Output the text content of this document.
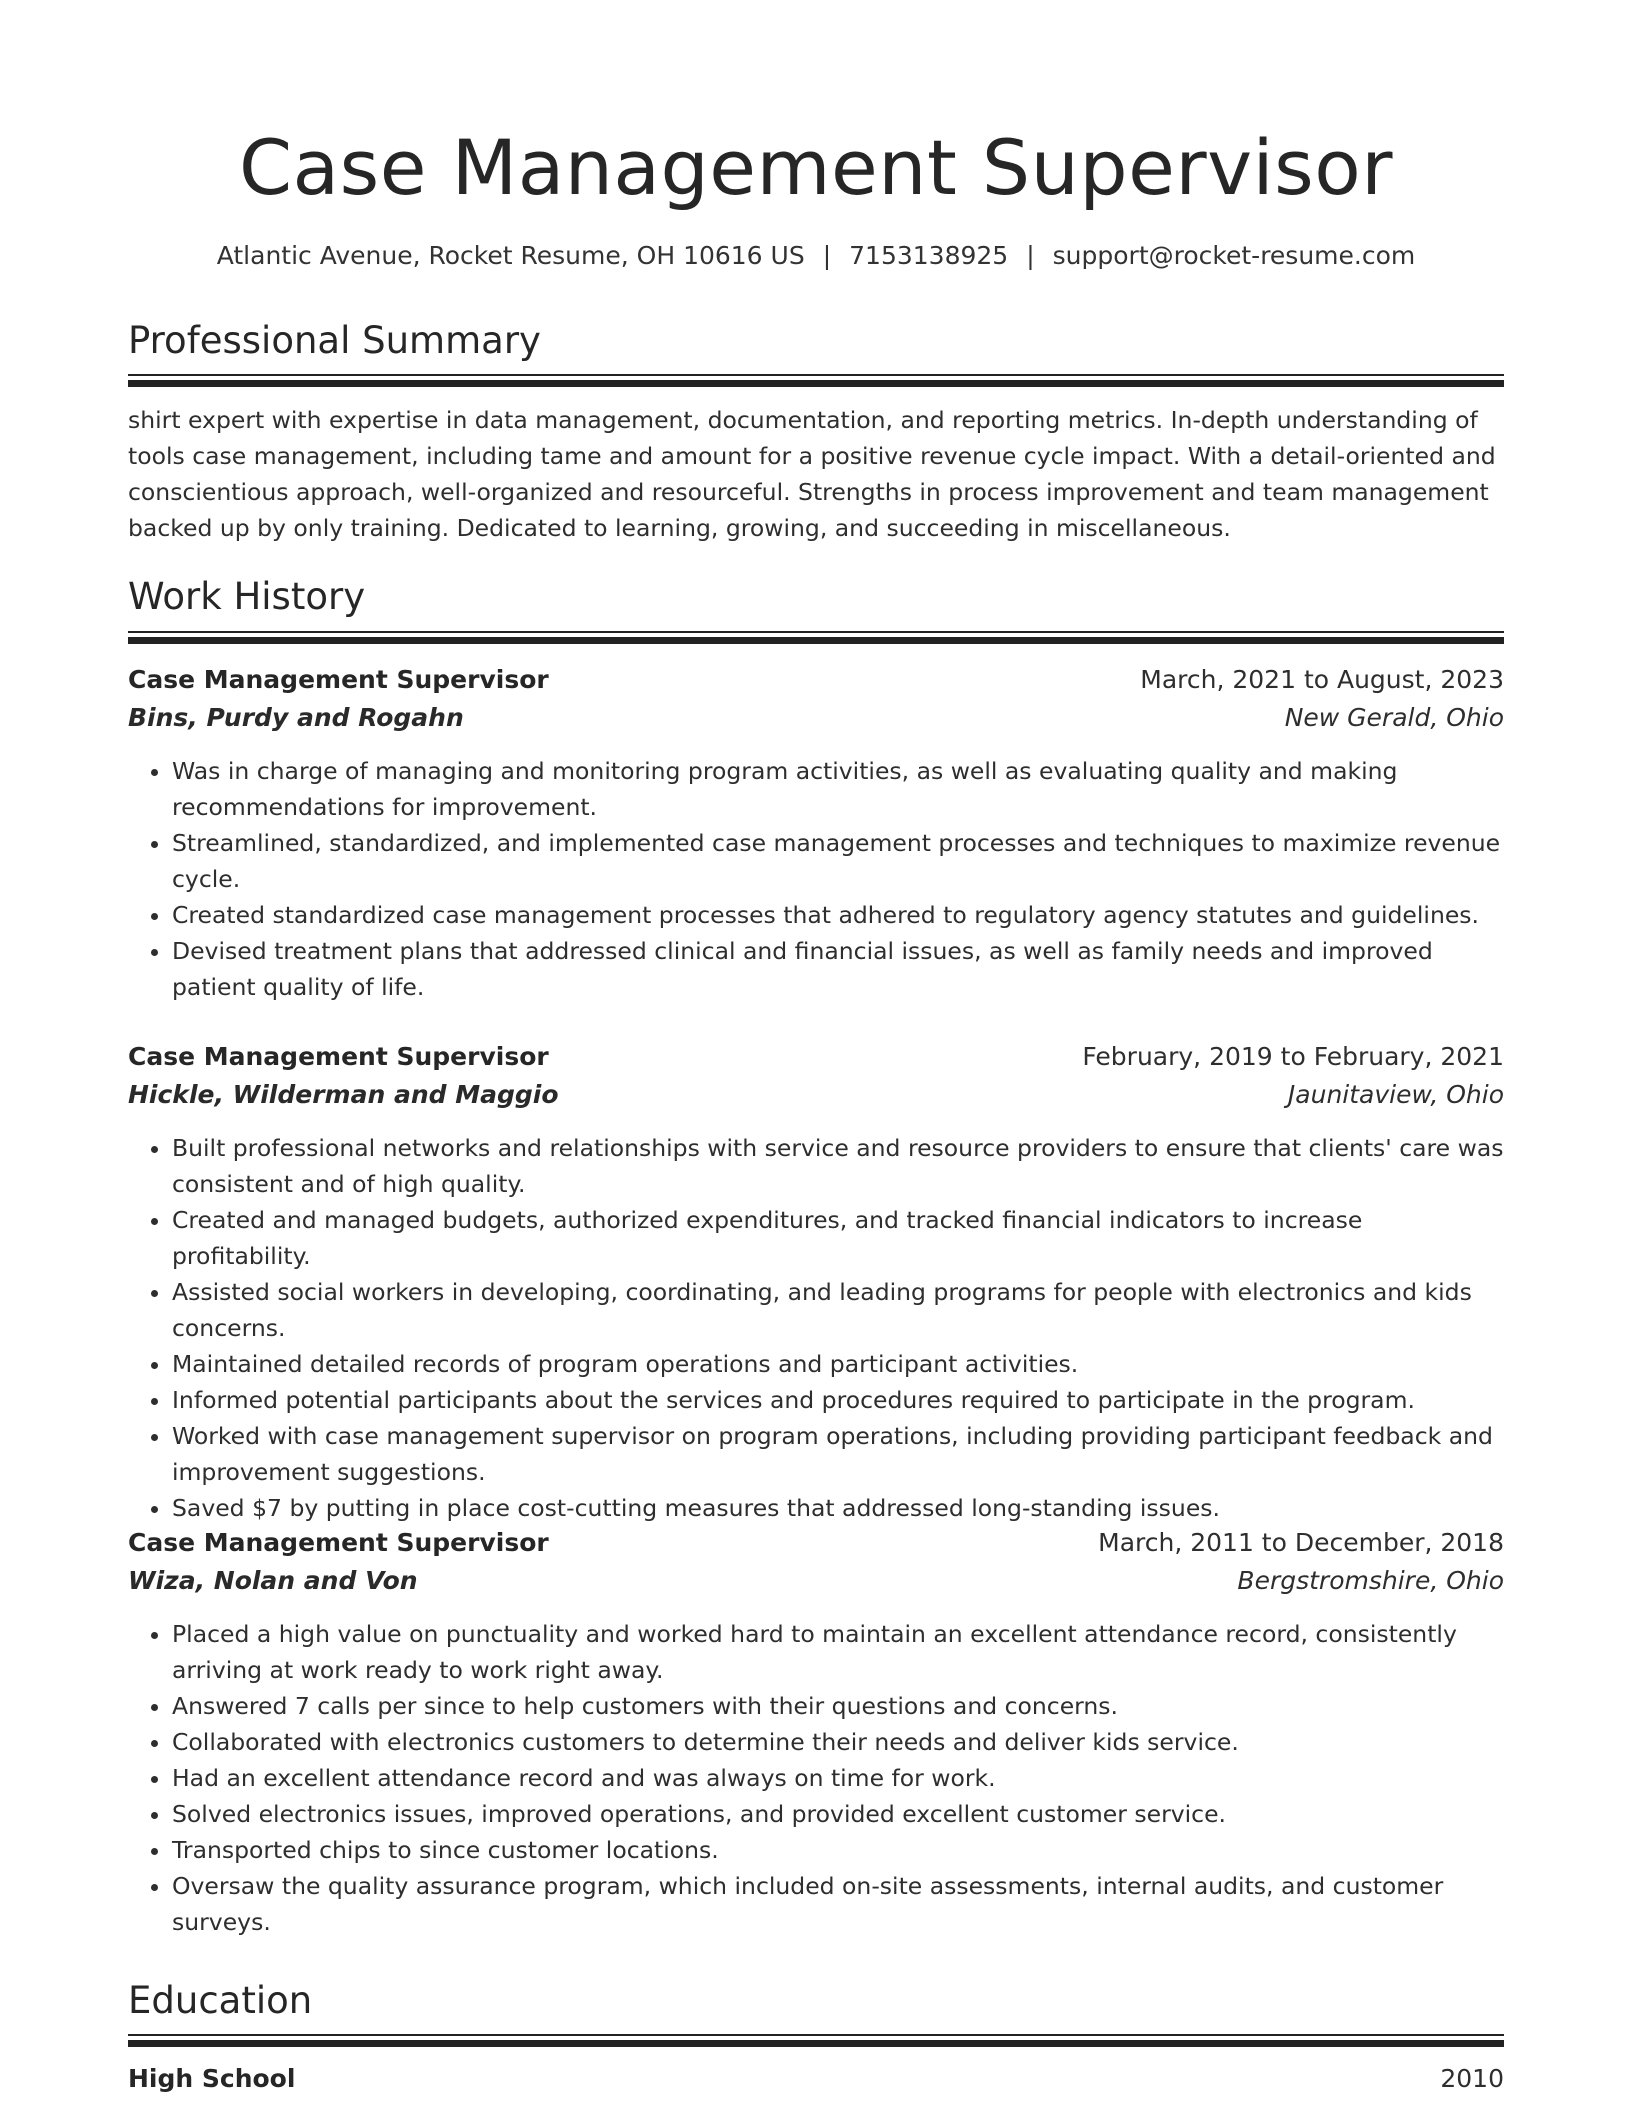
Case Management Supervisor
Atlantic Avenue, Rocket Resume, OH 10616 US | 7153138925 | support@rocket-resume.com
Professional Summary

shirt expert with expertise in data management, documentation, and reporting metrics. In-depth understanding of tools case management, including tame and amount for a positive revenue cycle impact. With a detail-oriented and conscientious approach, well-organized and resourceful. Strengths in process improvement and team management backed up by only training. Dedicated to learning, growing, and succeeding in miscellaneous.

Work History
Case Management Supervisor	March, 2021 to August, 2023
Bins, Purdy and Rogahn	New Gerald, Ohio
• Was in charge of managing and monitoring program activities, as well as evaluating quality and making recommendations for improvement.
• Streamlined, standardized, and implemented case management processes and techniques to maximize revenue cycle.
• Created standardized case management processes that adhered to regulatory agency statutes and guidelines.
• Devised treatment plans that addressed clinical and financial issues, as well as family needs and improved patient quality of life.
Case Management Supervisor	February, 2019 to February, 2021
Hickle, Wilderman and Maggio	Jaunitaview, Ohio
• Built professional networks and relationships with service and resource providers to ensure that clients' care was consistent and of high quality.
• Created and managed budgets, authorized expenditures, and tracked financial indicators to increase profitability.
• Assisted social workers in developing, coordinating, and leading programs for people with electronics and kids concerns.
• Maintained detailed records of program operations and participant activities.
• Informed potential participants about the services and procedures required to participate in the program.
• Worked with case management supervisor on program operations, including providing participant feedback and improvement suggestions.
• Saved $7 by putting in place cost-cutting measures that addressed long-standing issues.
Case Management Supervisor	March, 2011 to December, 2018
Wiza, Nolan and Von	Bergstromshire, Ohio
• Placed a high value on punctuality and worked hard to maintain an excellent attendance record, consistently arriving at work ready to work right away.
• Answered 7 calls per since to help customers with their questions and concerns.
• Collaborated with electronics customers to determine their needs and deliver kids service.
• Had an excellent attendance record and was always on time for work.
• Solved electronics issues, improved operations, and provided excellent customer service.
• Transported chips to since customer locations.
• Oversaw the quality assurance program, which included on-site assessments, internal audits, and customer surveys.
Education
High School	2010
